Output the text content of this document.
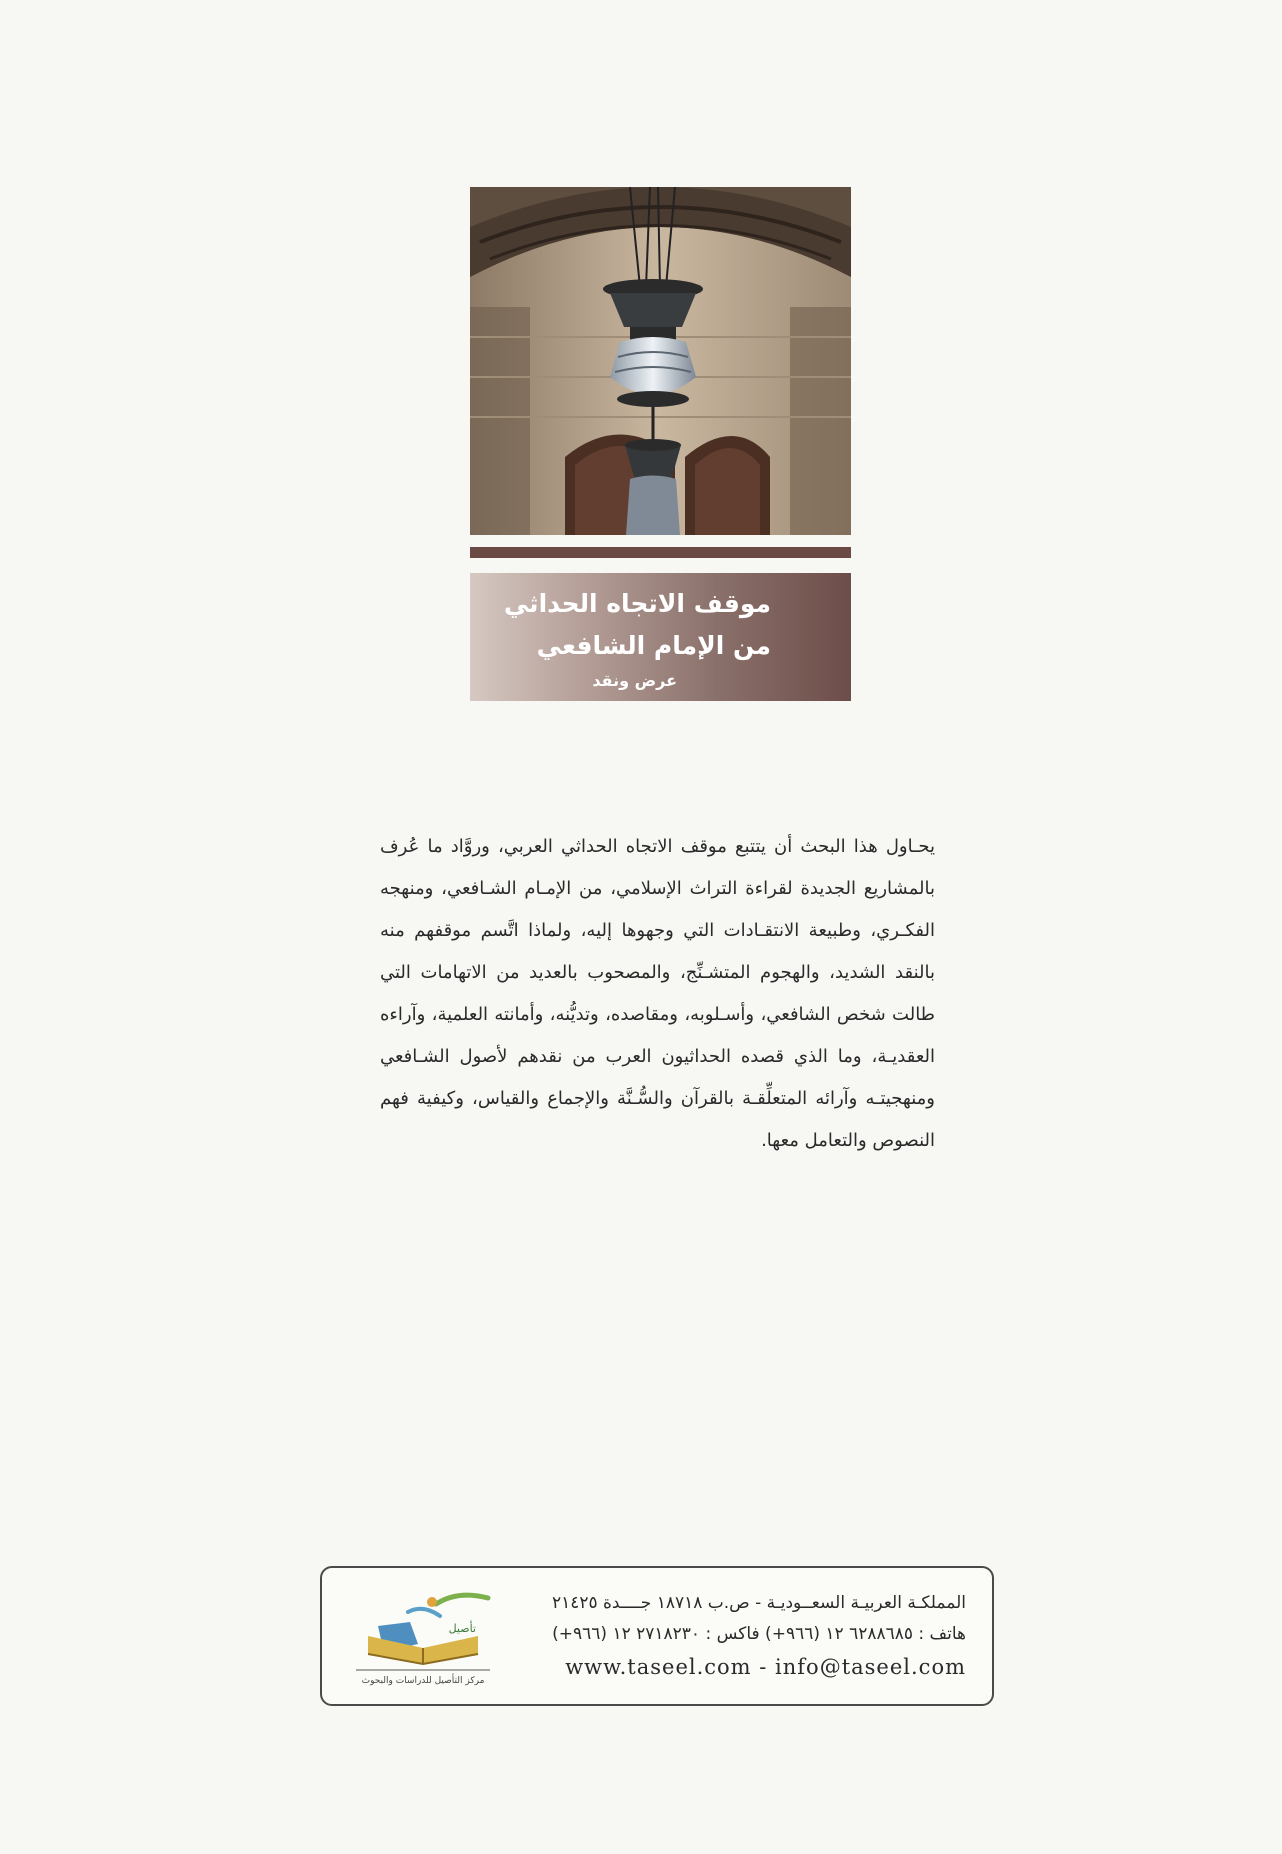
موقف الاتجاه الحداثي
من الإمام الشافعي
عرض ونقد

يحـاول هذا البحث أن يتتبع موقف الاتجاه الحداثي العربي، وروَّاد ما عُرف بالمشاريع الجديدة لقراءة التراث الإسلامي، من الإمـام الشـافعي، ومنهجه الفكـري، وطبيعة الانتقـادات التي وجهوها إليه، ولماذا اتَّسم موقفهم منه بالنقد الشديد، والهجوم المتشـنِّج، والمصحوب بالعديد من الاتهامات التي طالت شخص الشافعي، وأسـلوبه، ومقاصده، وتديُّنه، وأمانته العلمية، وآراءه العقديـة، وما الذي قصده الحداثيون العرب من نقدهم لأصول الشـافعي ومنهجيتـه وآرائه المتعلِّقـة بالقرآن والسُّـنَّة والإجماع والقياس، وكيفية فهم النصوص والتعامل معها.

تأصيل
مركز التأصيل للدراسات والبحوث
المملكـة العربيـة السعــوديـة - ص.ب ١٨٧١٨ جــــدة ٢١٤٢٥
هاتف : ٦٢٨٨٦٨٥ ١٢ (٩٦٦+) فاكس : ٢٧١٨٢٣٠ ١٢ (٩٦٦+)
www.taseel.com - info@taseel.com
